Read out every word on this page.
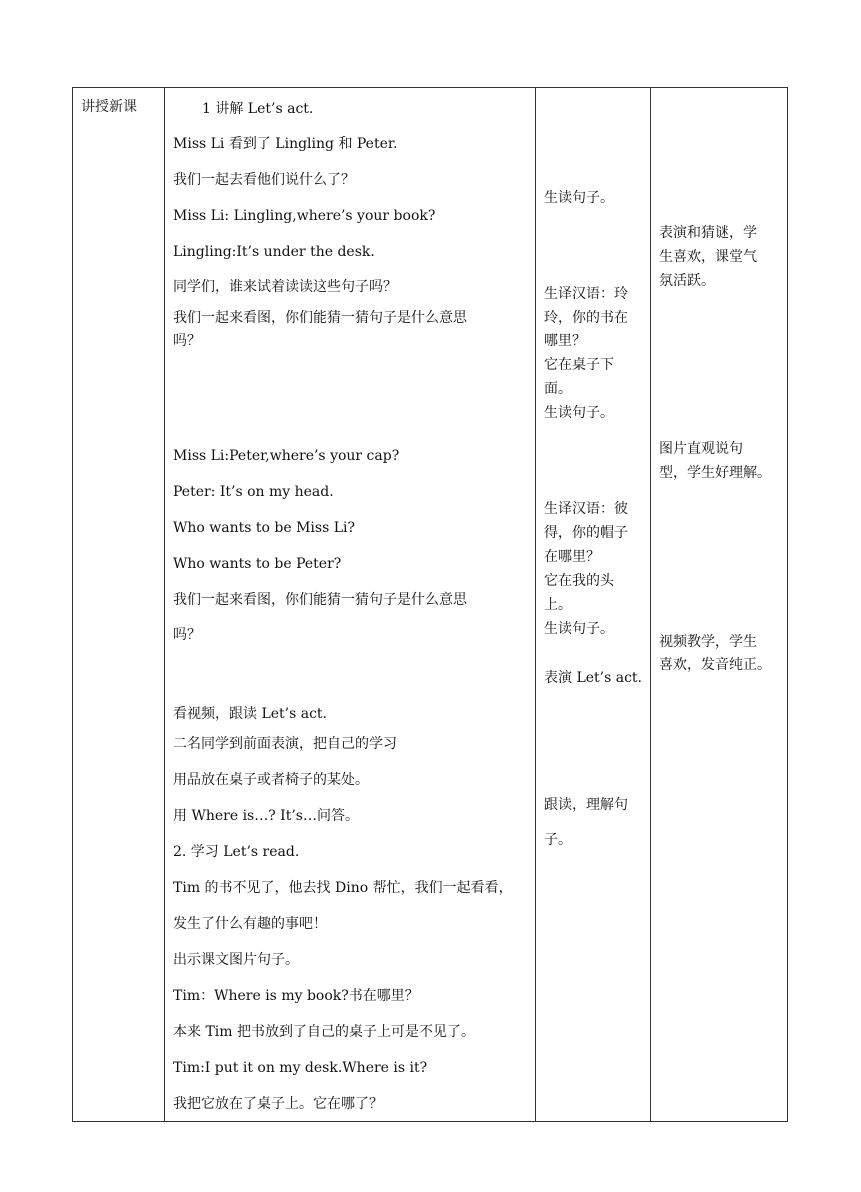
讲授新课	1 讲解 Let’s act.
Miss Li 看到了 Lingling 和 Peter.
我们一起去看他们说什么了？
Miss Li: Lingling,where’s your book?
Lingling:It’s under the desk.
同学们，谁来试着读读这些句子吗？
我们一起来看图，你们能猜一猜句子是什么意思
吗？
Miss Li:Peter,where’s your cap?
Peter: It’s on my head.
Who wants to be Miss Li?
Who wants to be Peter?
我们一起来看图，你们能猜一猜句子是什么意思
吗？
看视频，跟读 Let’s act.
二名同学到前面表演，把自己的学习
用品放在桌子或者椅子的某处。
用 Where is…? It’s…问答。
2. 学习 Let’s read.
Tim 的书不见了，他去找 Dino 帮忙，我们一起看看，
发生了什么有趣的事吧！
出示课文图片句子。
Tim：Where is my book?书在哪里？
本来 Tim 把书放到了自己的桌子上可是不见了。
Tim:I put it on my desk.Where is it?
我把它放在了桌子上。它在哪了？
生读句子。
生译汉语：玲
玲，你的书在
哪里？
它在桌子下
面。
生读句子。
生译汉语：彼
得，你的帽子
在哪里？
它在我的头
上。
生读句子。
表演 Let’s act.
跟读，理解句
子。
表演和猜谜，学
生喜欢，课堂气
氛活跃。
图片直观说句
型，学生好理解。
视频教学，学生
喜欢，发音纯正。
